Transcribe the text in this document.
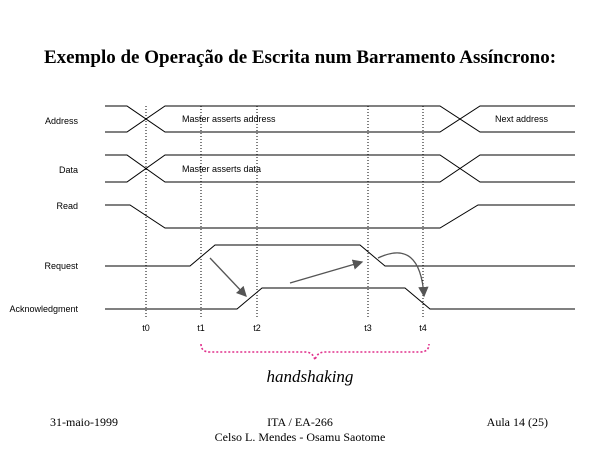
Exemplo de Operação de Escrita num Barramento Assíncrono:
Address
Data
Read
Request
Acknowledgment
Master asserts address	Next address
Master asserts data
t0	t1	t2	t3	t4
handshaking
31-maio-1999	ITA / EA-266
Celso L. Mendes - Osamu Saotome
Aula 14 (25)
